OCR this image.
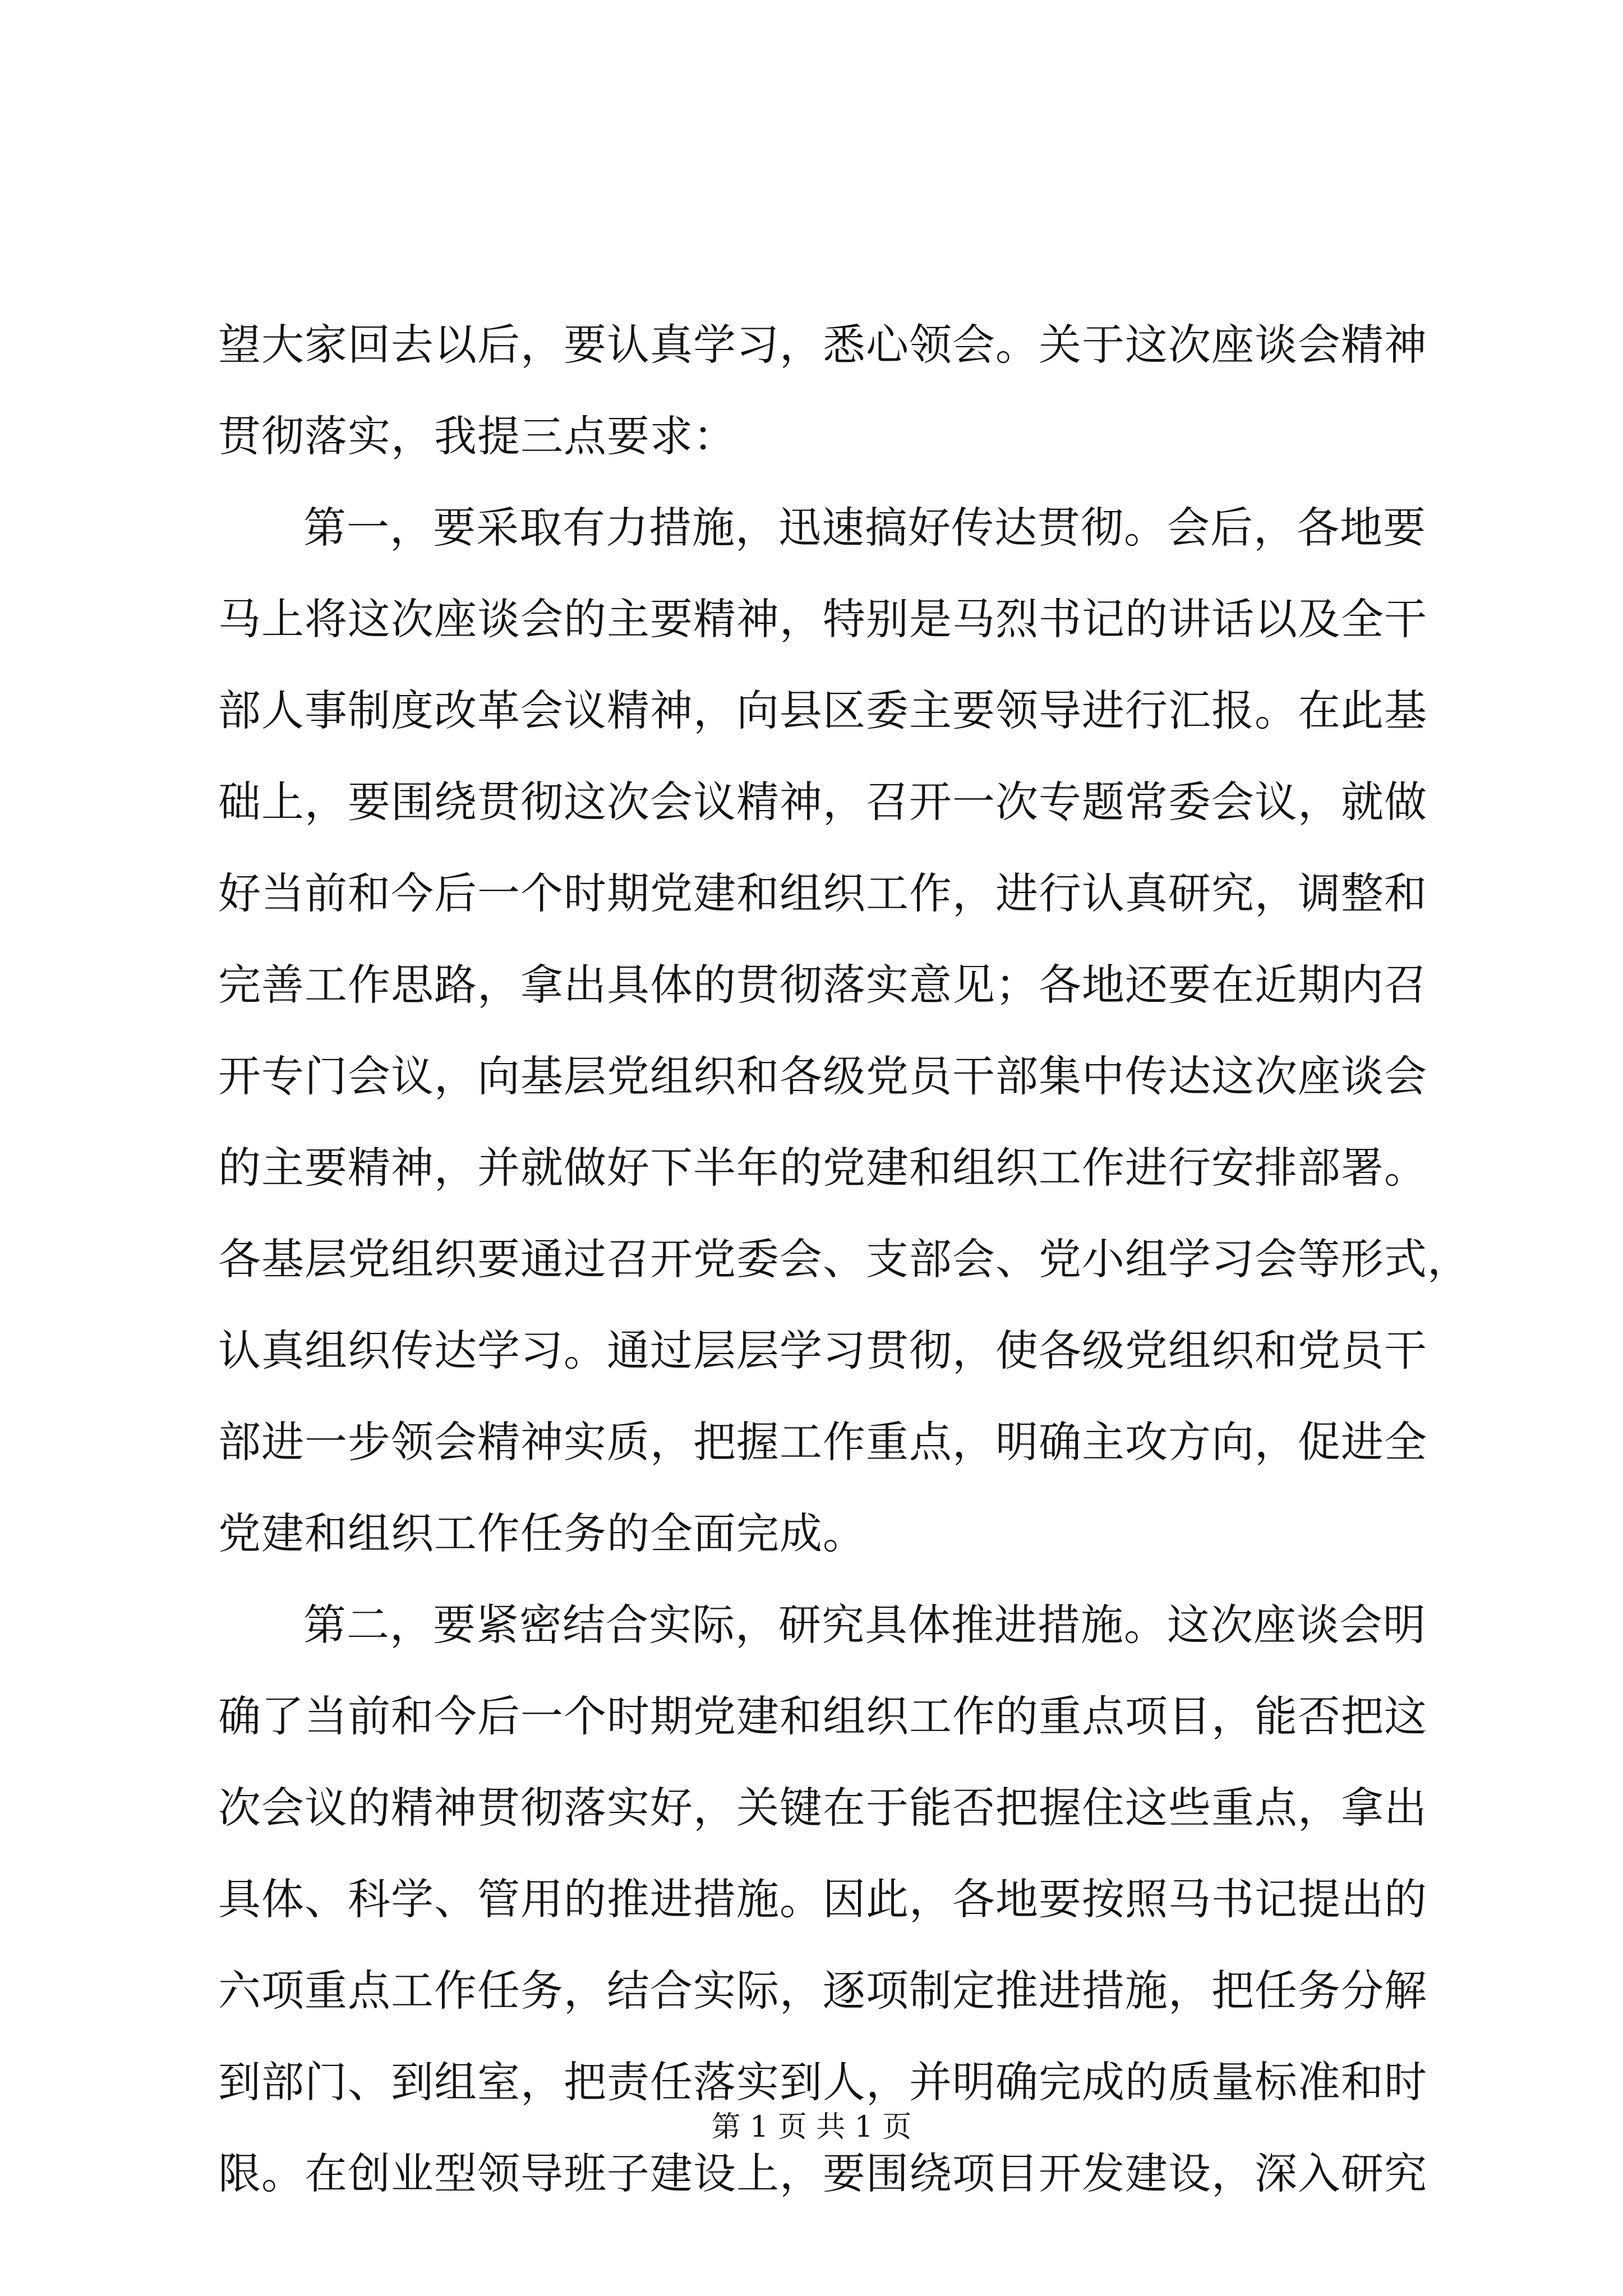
望大家回去以后，要认真学习，悉心领会。关于这次座谈会精神
贯彻落实，我提三点要求：
第一，要采取有力措施，迅速搞好传达贯彻。会后，各地要
马上将这次座谈会的主要精神，特别是马烈书记的讲话以及全干
部人事制度改革会议精神，向县区委主要领导进行汇报。在此基
础上，要围绕贯彻这次会议精神，召开一次专题常委会议，就做
好当前和今后一个时期党建和组织工作，进行认真研究，调整和
完善工作思路，拿出具体的贯彻落实意见；各地还要在近期内召
开专门会议，向基层党组织和各级党员干部集中传达这次座谈会
的主要精神，并就做好下半年的党建和组织工作进行安排部署。
各基层党组织要通过召开党委会、支部会、党小组学习会等形式，
认真组织传达学习。通过层层学习贯彻，使各级党组织和党员干
部进一步领会精神实质，把握工作重点，明确主攻方向，促进全
党建和组织工作任务的全面完成。
第二，要紧密结合实际，研究具体推进措施。这次座谈会明
确了当前和今后一个时期党建和组织工作的重点项目，能否把这
次会议的精神贯彻落实好，关键在于能否把握住这些重点，拿出
具体、科学、管用的推进措施。因此，各地要按照马书记提出的
六项重点工作任务，结合实际，逐项制定推进措施，把任务分解
到部门、到组室，把责任落实到人，并明确完成的质量标准和时
限。在创业型领导班子建设上，要围绕项目开发建设，深入研究
第 1 页 共 1 页
